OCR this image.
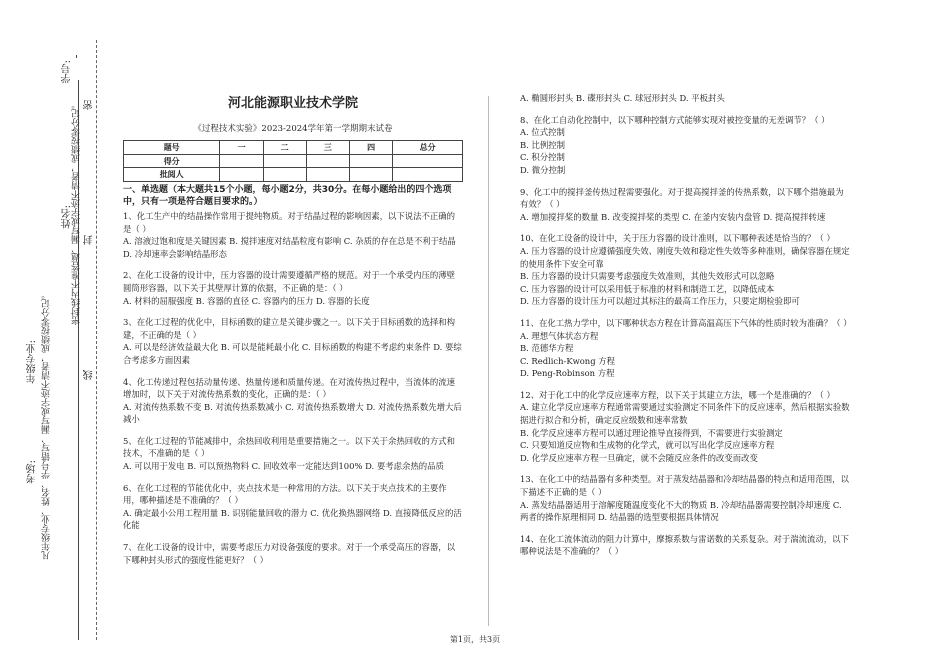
学号:
姓名:
密
密封线内不准答题、漏写或字迹不清者，成绩按零分记。 封
凡年级专业、姓名、学号错写、漏写或字迹不清者，成绩按零分记。
年级专业:	线
考场:
河北能源职业技术学院
《过程技术实验》2023-2024学年第一学期期末试卷
题号	一	二	三	四	总分
得分					
批阅人					
一、单选题（本大题共15个小题，每小题2分，共30分。在每小题给出的四个选项中，只有一项是符合题目要求的。）
1、化工生产中的结晶操作常用于提纯物质。对于结晶过程的影响因素，以下说法不正确的是（ ）
A. 溶液过饱和度是关键因素 B. 搅拌速度对结晶粒度有影响 C. 杂质的存在总是不利于结晶 D. 冷却速率会影响结晶形态
2、在化工设备的设计中，压力容器的设计需要遵循严格的规范。对于一个承受内压的薄壁圆筒形容器，以下关于其壁厚计算的依据，不正确的是：（ ）
A. 材料的屈服强度 B. 容器的直径 C. 容器内的压力 D. 容器的长度
3、在化工过程的优化中，目标函数的建立是关键步骤之一。以下关于目标函数的选择和构建，不正确的是（ ）
A. 可以是经济效益最大化 B. 可以是能耗最小化 C. 目标函数的构建不考虑约束条件 D. 要综合考虑多方面因素
4、化工传递过程包括动量传递、热量传递和质量传递。在对流传热过程中，当流体的流速增加时，以下关于对流传热系数的变化，正确的是：（ ）
A. 对流传热系数不变 B. 对流传热系数减小 C. 对流传热系数增大 D. 对流传热系数先增大后减小
5、在化工过程的节能减排中，余热回收利用是重要措施之一。以下关于余热回收的方式和技术，不准确的是（ ）
A. 可以用于发电 B. 可以预热物料 C. 回收效率一定能达到100% D. 要考虑余热的品质
6、在化工过程的节能优化中，夹点技术是一种常用的方法。以下关于夹点技术的主要作用，哪种描述是不准确的？（ ）
A. 确定最小公用工程用量 B. 识别能量回收的潜力 C. 优化换热器网络 D. 直接降低反应的活化能
7、在化工设备的设计中，需要考虑压力对设备强度的要求。对于一个承受高压的容器，以下哪种封头形式的强度性能更好？（ ）
A. 椭圆形封头 B. 碟形封头 C. 球冠形封头 D. 平板封头
8、在化工自动化控制中，以下哪种控制方式能够实现对被控变量的无差调节？（ ）
A. 位式控制
B. 比例控制
C. 积分控制
D. 微分控制
9、化工中的搅拌釜传热过程需要强化。对于提高搅拌釜的传热系数，以下哪个措施最为有效？（ ）
A. 增加搅拌桨的数量 B. 改变搅拌桨的类型 C. 在釜内安装内盘管 D. 提高搅拌转速
10、在化工设备的设计中，关于压力容器的设计准则，以下哪种表述是恰当的？（ ）
A. 压力容器的设计应遵循强度失效、刚度失效和稳定性失效等多种准则，确保容器在规定的使用条件下安全可靠
B. 压力容器的设计只需要考虑强度失效准则，其他失效形式可以忽略
C. 压力容器的设计可以采用低于标准的材料和制造工艺，以降低成本
D. 压力容器的设计压力可以超过其标注的最高工作压力，只要定期检验即可
11、在化工热力学中，以下哪种状态方程在计算高温高压下气体的性质时较为准确？（ ）
A. 理想气体状态方程
B. 范德华方程
C. Redlich-Kwong 方程
D. Peng-Robinson 方程
12、对于化工中的化学反应速率方程，以下关于其建立方法，哪一个是准确的？（ ）
A. 建立化学反应速率方程通常需要通过实验测定不同条件下的反应速率，然后根据实验数据进行拟合和分析，确定反应级数和速率常数
B. 化学反应速率方程可以通过理论推导直接得到，不需要进行实验测定
C. 只要知道反应物和生成物的化学式，就可以写出化学反应速率方程
D. 化学反应速率方程一旦确定，就不会随反应条件的改变而改变
13、在化工中的结晶器有多种类型。对于蒸发结晶器和冷却结晶器的特点和适用范围，以下描述不正确的是（ ）
A. 蒸发结晶器适用于溶解度随温度变化不大的物质 B. 冷却结晶器需要控制冷却速度 C. 两者的操作原理相同 D. 结晶器的选型要根据具体情况
14、在化工流体流动的阻力计算中，摩擦系数与雷诺数的关系复杂。对于湍流流动，以下哪种说法是不准确的？（ ）
第1页，共3页
